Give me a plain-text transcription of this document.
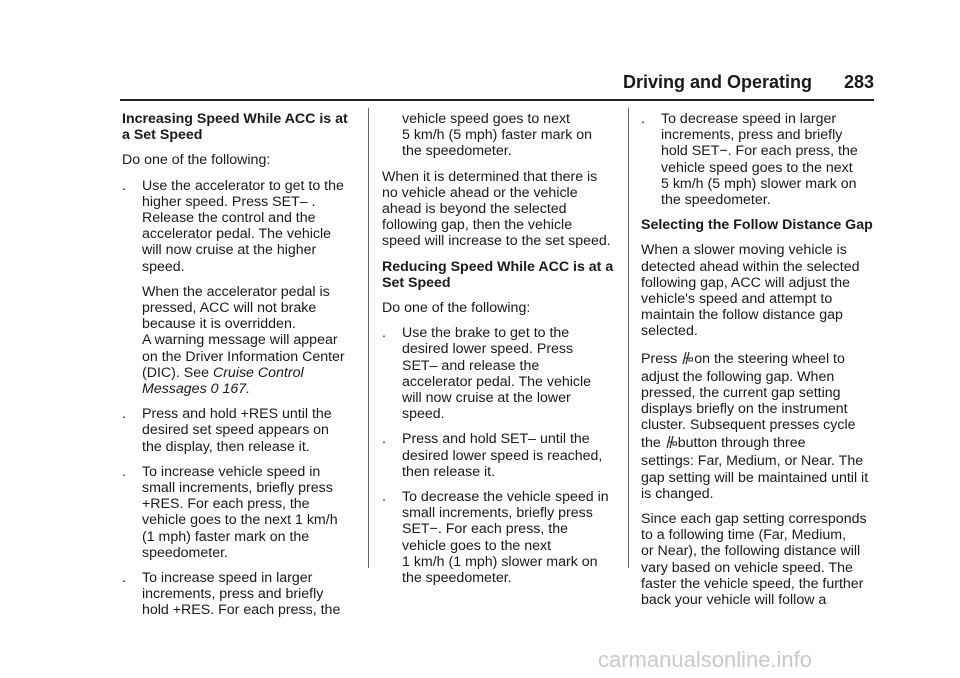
Driving and Operating 283

Increasing Speed While ACC is at
a Set Speed

Do one of the following:

. Use the accelerator to get to the
higher speed. Press SET– .
Release the control and the
accelerator pedal. The vehicle
will now cruise at the higher
speed.
When the accelerator pedal is
pressed, ACC will not brake
because it is overridden.
A warning message will appear
on the Driver Information Center
(DIC). See Cruise Control
Messages 0 167.
. Press and hold +RES until the
desired set speed appears on
the display, then release it.
. To increase vehicle speed in
small increments, briefly press
+RES. For each press, the
vehicle goes to the next 1 km/h
(1 mph) faster mark on the
speedometer.
. To increase speed in larger
increments, press and briefly
hold +RES. For each press, the
vehicle speed goes to next
5 km/h (5 mph) faster mark on
the speedometer.

When it is determined that there is
no vehicle ahead or the vehicle
ahead is beyond the selected
following gap, then the vehicle
speed will increase to the set speed.

Reducing Speed While ACC is at a
Set Speed

Do one of the following:

. Use the brake to get to the
desired lower speed. Press
SET– and release the
accelerator pedal. The vehicle
will now cruise at the lower
speed.
. Press and hold SET– until the
desired lower speed is reached,
then release it.
. To decrease the vehicle speed in
small increments, briefly press
SET−. For each press, the
vehicle goes to the next
1 km/h (1 mph) slower mark on
the speedometer.
. To decrease speed in larger
increments, press and briefly
hold SET−. For each press, the
vehicle speed goes to the next
5 km/h (5 mph) slower mark on
the speedometer.

Selecting the Follow Distance Gap

When a slower moving vehicle is
detected ahead within the selected
following gap, ACC will adjust the
vehicle's speed and attempt to
maintain the follow distance gap
selected.

Press on the steering wheel to
adjust the following gap. When
pressed, the current gap setting
displays briefly on the instrument
cluster. Subsequent presses cycle
the button through three
settings: Far, Medium, or Near. The
gap setting will be maintained until it
is changed.

Since each gap setting corresponds
to a following time (Far, Medium,
or Near), the following distance will
vary based on vehicle speed. The
faster the vehicle speed, the further
back your vehicle will follow a

carmanualsonline.info
